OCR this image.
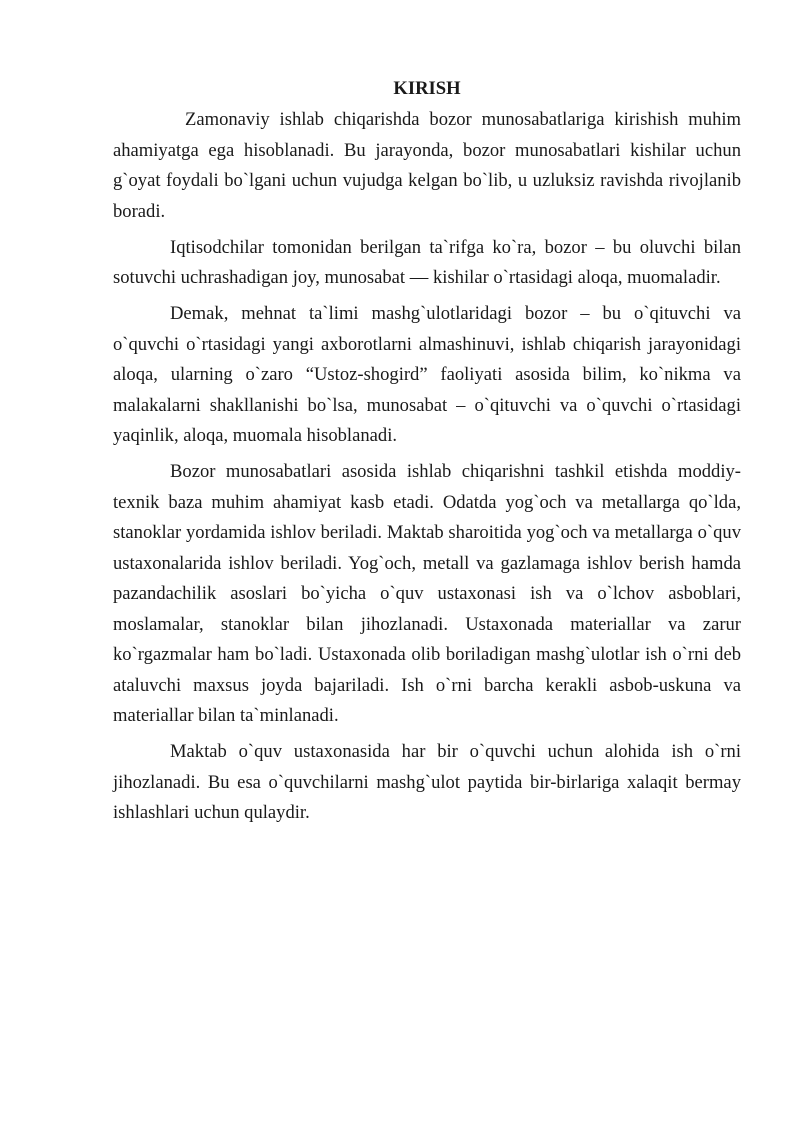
KIRISH

Zamonaviy ishlab chiqarishda bozor munosabatlariga kirishish muhim ahamiyatga ega hisoblanadi. Bu jarayonda, bozor munosabatlari kishilar uchun g`oyat foydali bo`lgani uchun vujudga kelgan bo`lib, u uzluksiz ravishda rivojlanib boradi.

Iqtisodchilar tomonidan berilgan ta`rifga ko`ra, bozor – bu oluvchi bilan sotuvchi uchrashadigan joy, munosabat — kishilar o`rtasidagi aloqa, muomaladir.

Demak, mehnat ta`limi mashg`ulotlaridagi bozor – bu o`qituvchi va o`quvchi o`rtasidagi yangi axborotlarni almashinuvi, ishlab chiqarish jarayonidagi aloqa, ularning o`zaro “Ustoz-shogird” faoliyati asosida bilim, ko`nikma va malakalarni shakllanishi bo`lsa, munosabat – o`qituvchi va o`quvchi o`rtasidagi yaqinlik, aloqa, muomala hisoblanadi.

Bozor munosabatlari asosida ishlab chiqarishni tashkil etishda moddiy-texnik baza muhim ahamiyat kasb etadi. Odatda yog`och va metallarga qo`lda, stanoklar yordamida ishlov beriladi. Maktab sharoitida yog`och va metallarga o`quv ustaxonalarida ishlov beriladi. Yog`och, metall va gazlamaga ishlov berish hamda pazandachilik asoslari bo`yicha o`quv ustaxonasi ish va o`lchov asboblari, moslamalar, stanoklar bilan jihozlanadi. Ustaxonada materiallar va zarur ko`rgazmalar ham bo`ladi. Ustaxonada olib boriladigan mashg`ulotlar ish o`rni deb ataluvchi maxsus joyda bajariladi. Ish o`rni barcha kerakli asbob-uskuna va materiallar bilan ta`minlanadi.

Maktab o`quv ustaxonasida har bir o`quvchi uchun alohida ish o`rni jihozlanadi. Bu esa o`quvchilarni mashg`ulot paytida bir-birlariga xalaqit bermay ishlashlari uchun qulaydir.
